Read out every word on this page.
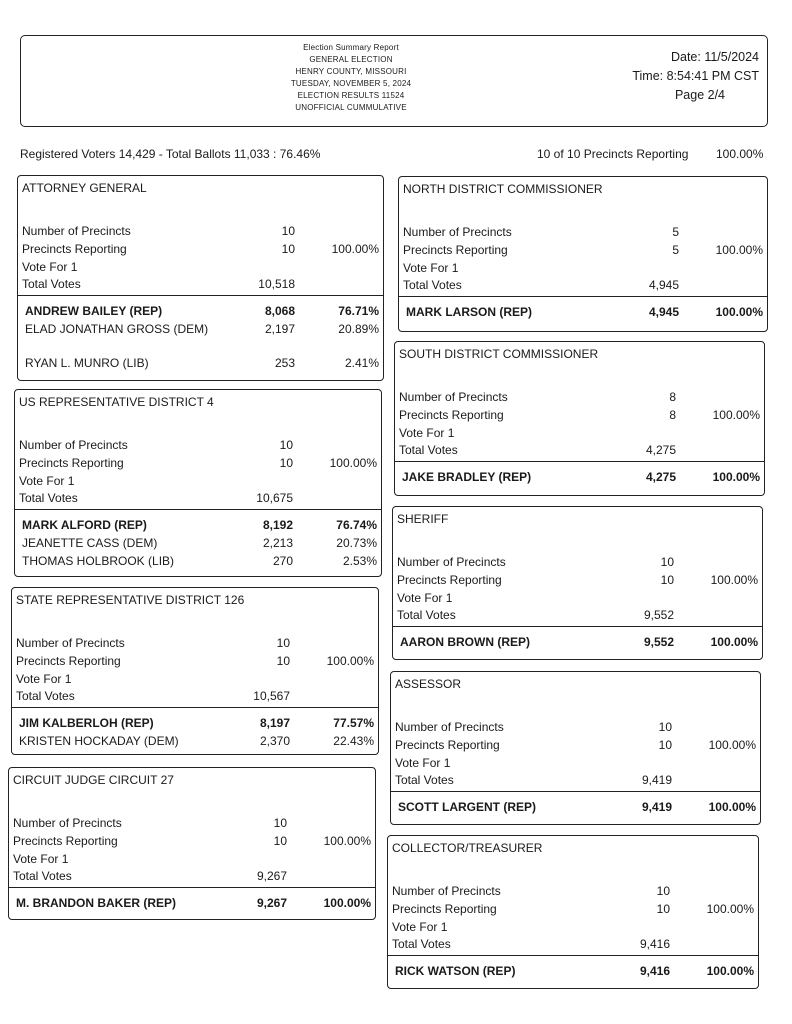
Election Summary Report
GENERAL ELECTION
HENRY COUNTY, MISSOURI
TUESDAY, NOVEMBER 5, 2024
ELECTION RESULTS 11524
UNOFFICIAL CUMMULATIVE
Date: 11/5/2024
Time: 8:54:41 PM CST
Page 2/4
Registered Voters 14,429 - Total Ballots 11,033 : 76.46%	10 of 10 Precincts Reporting 100.00%
ATTORNEY GENERAL
Number of Precincts	10
Precincts Reporting	10	100.00%
Vote For 1
Total Votes	10,518
ANDREW BAILEY (REP)	8,068	76.71%
ELAD JONATHAN GROSS (DEM)	2,197	20.89%
RYAN L. MUNRO (LIB)	253	2.41%
US REPRESENTATIVE DISTRICT 4
Number of Precincts	10
Precincts Reporting	10	100.00%
Vote For 1
Total Votes	10,675
MARK ALFORD (REP)	8,192	76.74%
JEANETTE CASS (DEM)	2,213	20.73%
THOMAS HOLBROOK (LIB)	270	2.53%
STATE REPRESENTATIVE DISTRICT 126
Number of Precincts	10
Precincts Reporting	10	100.00%
Vote For 1
Total Votes	10,567
JIM KALBERLOH (REP)	8,197	77.57%
KRISTEN HOCKADAY (DEM)	2,370	22.43%
CIRCUIT JUDGE CIRCUIT 27
Number of Precincts	10
Precincts Reporting	10	100.00%
Vote For 1
Total Votes	9,267
M. BRANDON BAKER (REP)	9,267	100.00%
NORTH DISTRICT COMMISSIONER
Number of Precincts	5
Precincts Reporting	5	100.00%
Vote For 1
Total Votes	4,945
MARK LARSON (REP)	4,945	100.00%
SOUTH DISTRICT COMMISSIONER
Number of Precincts	8
Precincts Reporting	8	100.00%
Vote For 1
Total Votes	4,275
JAKE BRADLEY (REP)	4,275	100.00%
SHERIFF
Number of Precincts	10
Precincts Reporting	10	100.00%
Vote For 1
Total Votes	9,552
AARON BROWN (REP)	9,552	100.00%
ASSESSOR
Number of Precincts	10
Precincts Reporting	10	100.00%
Vote For 1
Total Votes	9,419
SCOTT LARGENT (REP)	9,419	100.00%
COLLECTOR/TREASURER
Number of Precincts	10
Precincts Reporting	10	100.00%
Vote For 1
Total Votes	9,416
RICK WATSON (REP)	9,416	100.00%
